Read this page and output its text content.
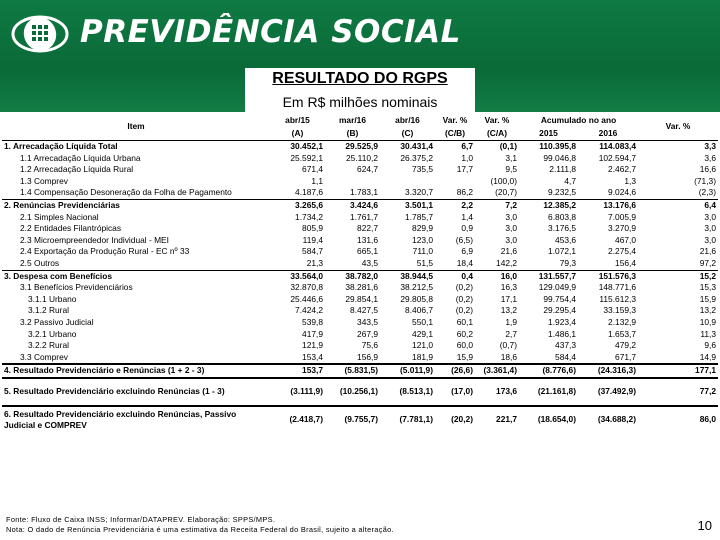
PREVIDÊNCIA SOCIAL
RESULTADO DO RGPS
Em R$ milhões nominais
Item	abr/15	mar/16	abr/16	Var. %	Var. %	Acumulado no ano		Var. %
	(A)	(B)	(C)	(C/B)	(C/A)	2015	2016	
1. Arrecadação Líquida Total	30.452,1	29.525,9	30.431,4	6,7	(0,1)	110.395,8	114.083,4	3,3
1.1 Arrecadação Líquida Urbana	25.592,1	25.110,2	26.375,2	1,0	3,1	99.046,8	102.594,7	3,6
1.2 Arrecadação Líquida Rural	671,4	624,7	735,5	17,7	9,5	2.111,8	2.462,7	16,6
1.3 Comprev	1,1				(100,0)	4,7	1,3	(71,3)
1.4 Compensação Desoneração da Folha de Pagamento	4.187,6	1.783,1	3.320,7	86,2	(20,7)	9.232,5	9.024,6	(2,3)
2. Renúncias Previdenciárias	3.265,6	3.424,6	3.501,1	2,2	7,2	12.385,2	13.176,6	6,4
2.1 Simples Nacional	1.734,2	1.761,7	1.785,7	1,4	3,0	6.803,8	7.005,9	3,0
2.2 Entidades Filantrópicas	805,9	822,7	829,9	0,9	3,0	3.176,5	3.270,9	3,0
2.3 Microempreendedor Individual - MEI	119,4	131,6	123,0	(6,5)	3,0	453,6	467,0	3,0
2.4 Exportação da Produção Rural - EC nº 33	584,7	665,1	711,0	6,9	21,6	1.072,1	2.275,4	21,6
2.5 Outros	21,3	43,5	51,5	18,4	142,2	79,3	156,4	97,2
3. Despesa com Benefícios	33.564,0	38.782,0	38.944,5	0,4	16,0	131.557,7	151.576,3	15,2
3.1 Benefícios Previdenciários	32.870,8	38.281,6	38.212,5	(0,2)	16,3	129.049,9	148.771,6	15,3
3.1.1 Urbano	25.446,6	29.854,1	29.805,8	(0,2)	17,1	99.754,4	115.612,3	15,9
3.1.2 Rural	7.424,2	8.427,5	8.406,7	(0,2)	13,2	29.295,4	33.159,3	13,2
3.2 Passivo Judicial	539,8	343,5	550,1	60,1	1,9	1.923,4	2.132,9	10,9
3.2.1 Urbano	417,9	267,9	429,1	60,2	2,7	1.486,1	1.653,7	11,3
3.2.2 Rural	121,9	75,6	121,0	60,0	(0,7)	437,3	479,2	9,6
3.3 Comprev	153,4	156,9	181,9	15,9	18,6	584,4	671,7	14,9
4. Resultado Previdenciário e Renúncias (1 + 2 - 3)	153,7	(5.831,5)	(5.011,9)	(26,6)	(3.361,4)	(8.776,6)	(24.316,3)	177,1
5. Resultado Previdenciário excluindo Renúncias (1 - 3)	(3.111,9)	(10.256,1)	(8.513,1)	(17,0)	173,6	(21.161,8)	(37.492,9)	77,2
6. Resultado Previdenciário excluindo Renúncias, Passivo Judicial e COMPREV	(2.418,7)	(9.755,7)	(7.781,1)	(20,2)	221,7	(18.654,0)	(34.688,2)	86,0
Fonte: Fluxo de Caixa INSS; Informar/DATAPREV. Elaboração: SPPS/MPS.
Nota: O dado de Renúncia Previdenciária é uma estimativa da Receita Federal do Brasil, sujeito a alteração.	10
